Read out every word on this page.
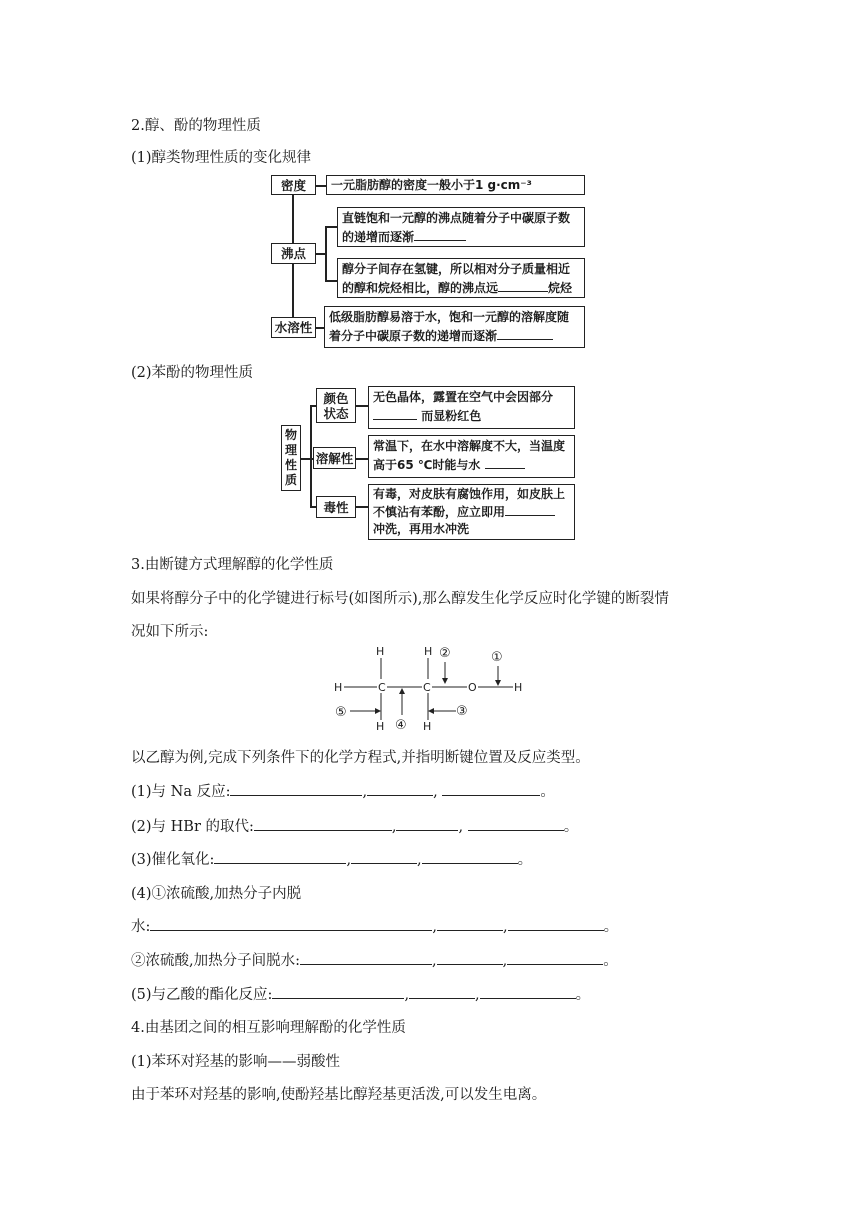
2.醇、酚的物理性质
(1)醇类物理性质的变化规律
密度	一元脂肪醇的密度一般小于1 g·cm⁻³
沸点
直链饱和一元醇的沸点随着分子中碳原子数的递增而逐渐
醇分子间存在氢键，所以相对分子质量相近的醇和烷烃相比，醇的沸点远	烷烃
水溶性
低级脂肪醇易溶于水，饱和一元醇的溶解度随着分子中碳原子数的递增而逐渐
(2)苯酚的物理性质
物理性质
颜色状态
无色晶体，露置在空气中会因部分
而显粉红色
溶解性
常温下，在水中溶解度不大，当温度高于65 ℃时能与水
毒性
有毒，对皮肤有腐蚀作用，如皮肤上不慎沾有苯酚，应立即用
冲洗，再用水冲洗
3.由断键方式理解醇的化学性质
如果将醇分子中的化学键进行标号(如图所示),那么醇发生化学反应时化学键的断裂情
况如下所示:
H	H
H	C	C	O	H
H	H
②	①
⑤
④
③
以乙醇为例,完成下列条件下的化学方程式,并指明断键位置及反应类型。
(1)与 Na 反应:	,	,	。
(2)与 HBr 的取代:	,	,	。
(3)催化氧化:	,	,	。
(4)①浓硫酸,加热分子内脱
水:	,	,	。
②浓硫酸,加热分子间脱水:	,	,	。
(5)与乙酸的酯化反应:	,	,	。
4.由基团之间的相互影响理解酚的化学性质
(1)苯环对羟基的影响——弱酸性
由于苯环对羟基的影响,使酚羟基比醇羟基更活泼,可以发生电离。
